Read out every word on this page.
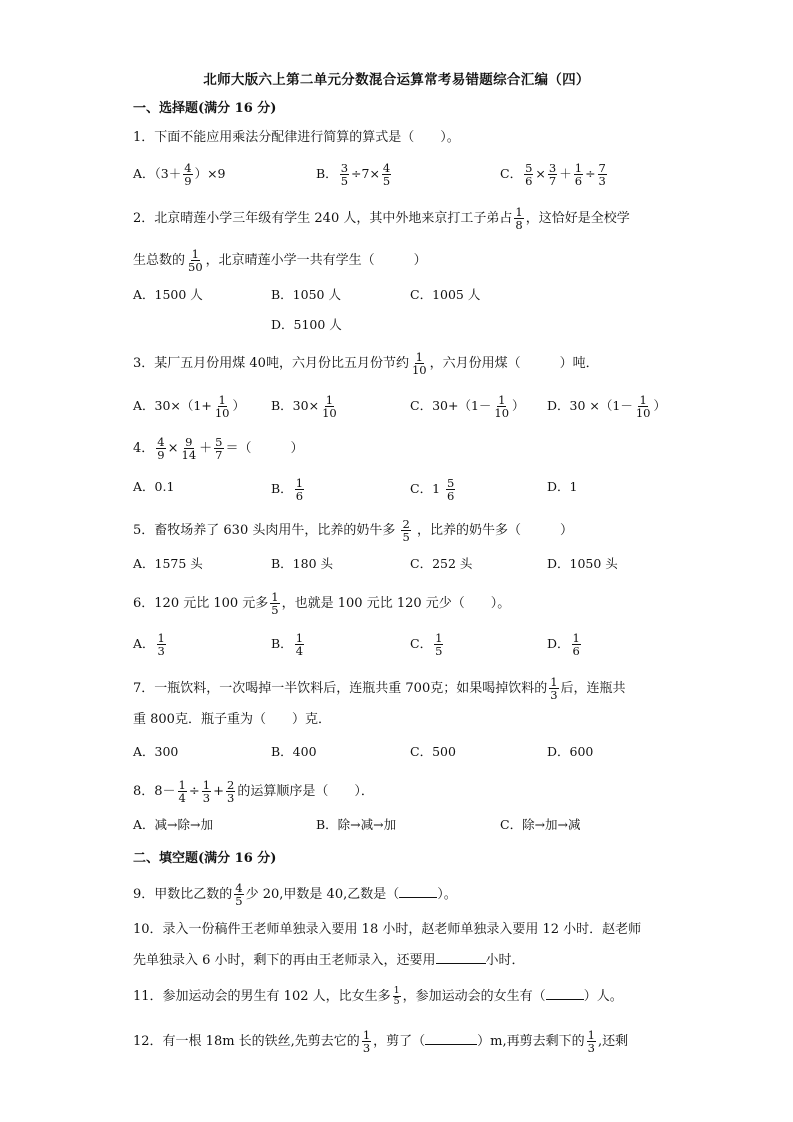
北师大版六上第二单元分数混合运算常考易错题综合汇编（四）
一、选择题(满分 16 分)
1．下面不能应用乘法分配律进行简算的算式是（　　）。
A．$(3+ \frac{4}{9} )\times 9$	B． $\frac{3}{5} \div 7\times \frac{4}{5}$	C． $\frac{5}{6} \times \frac{3}{7} + \frac{1}{6} \div \frac{7}{3}$
2．北京晴莲小学三年级有学生 240 人，其中外地来京打工子弟占 $\frac{1}{8}$ ，这恰好是全校学
生总数的 $\frac{1}{50}$ ，北京晴莲小学一共有学生（　　　）
A．1500 人	B．1050 人	C．1005 人
D．5100 人
3．某厂五月份用煤 40吨，六月份比五月份节约 $\frac{1}{10}$ ，六月份用煤（　　　）吨．
A．$30\times(1+ \frac{1}{10}$ ） B．$30\times \frac{1}{10}$	C．$30+(1- \frac{1}{10}$ ） D．$30 \times(1- \frac{1}{10}$ ）
4． $\frac{4}{9} \times \frac{9}{14} + \frac{5}{7}$ ＝（　　　）
A．0.1	B． $\frac{1}{6}$	C．$1 \frac{5}{6}$	D．1
5．畜牧场养了 630 头肉用牛，比养的奶牛多 $\frac{2}{5}$ ，比养的奶牛多（　　　）
A．1575 头	B．180 头	C．252 头	D．1050 头
6．120 元比 100 元多 $\frac{1}{5}$ ，也就是 100 元比 120 元少（　　）。
A． $\frac{1}{3}$	B． $\frac{1}{4}$	C． $\frac{1}{5}$	D． $\frac{1}{6}$
7．一瓶饮料，一次喝掉一半饮料后，连瓶共重 700克；如果喝掉饮料的 $\frac{1}{3}$ 后，连瓶共
重 800克．瓶子重为（　　）克．
A．300	B．400	C．500	D．600
8．$8- \frac{1}{4} \div \frac{1}{3} + \frac{2}{3}$ 的运算顺序是（　　）．
A．减→除→加	B．除→减→加	C．除→加→减
二、填空题(满分 16 分)
9．甲数比乙数的 $\frac{4}{5}$ 少 20,甲数是 40,乙数是（	）。
10．录入一份稿件王老师单独录入要用 18 小时，赵老师单独录入要用 12 小时．赵老师
先单独录入 6 小时，剩下的再由王老师录入，还要用	小时．
11．参加运动会的男生有 102 人，比女生多 $\frac{1}{5}$ ，参加运动会的女生有（	）人。
12．有一根 18m 长的铁丝,先剪去它的 $\frac{1}{3}$ ，剪了（	）m,再剪去剩下的 $\frac{1}{3}$ ,还剩
